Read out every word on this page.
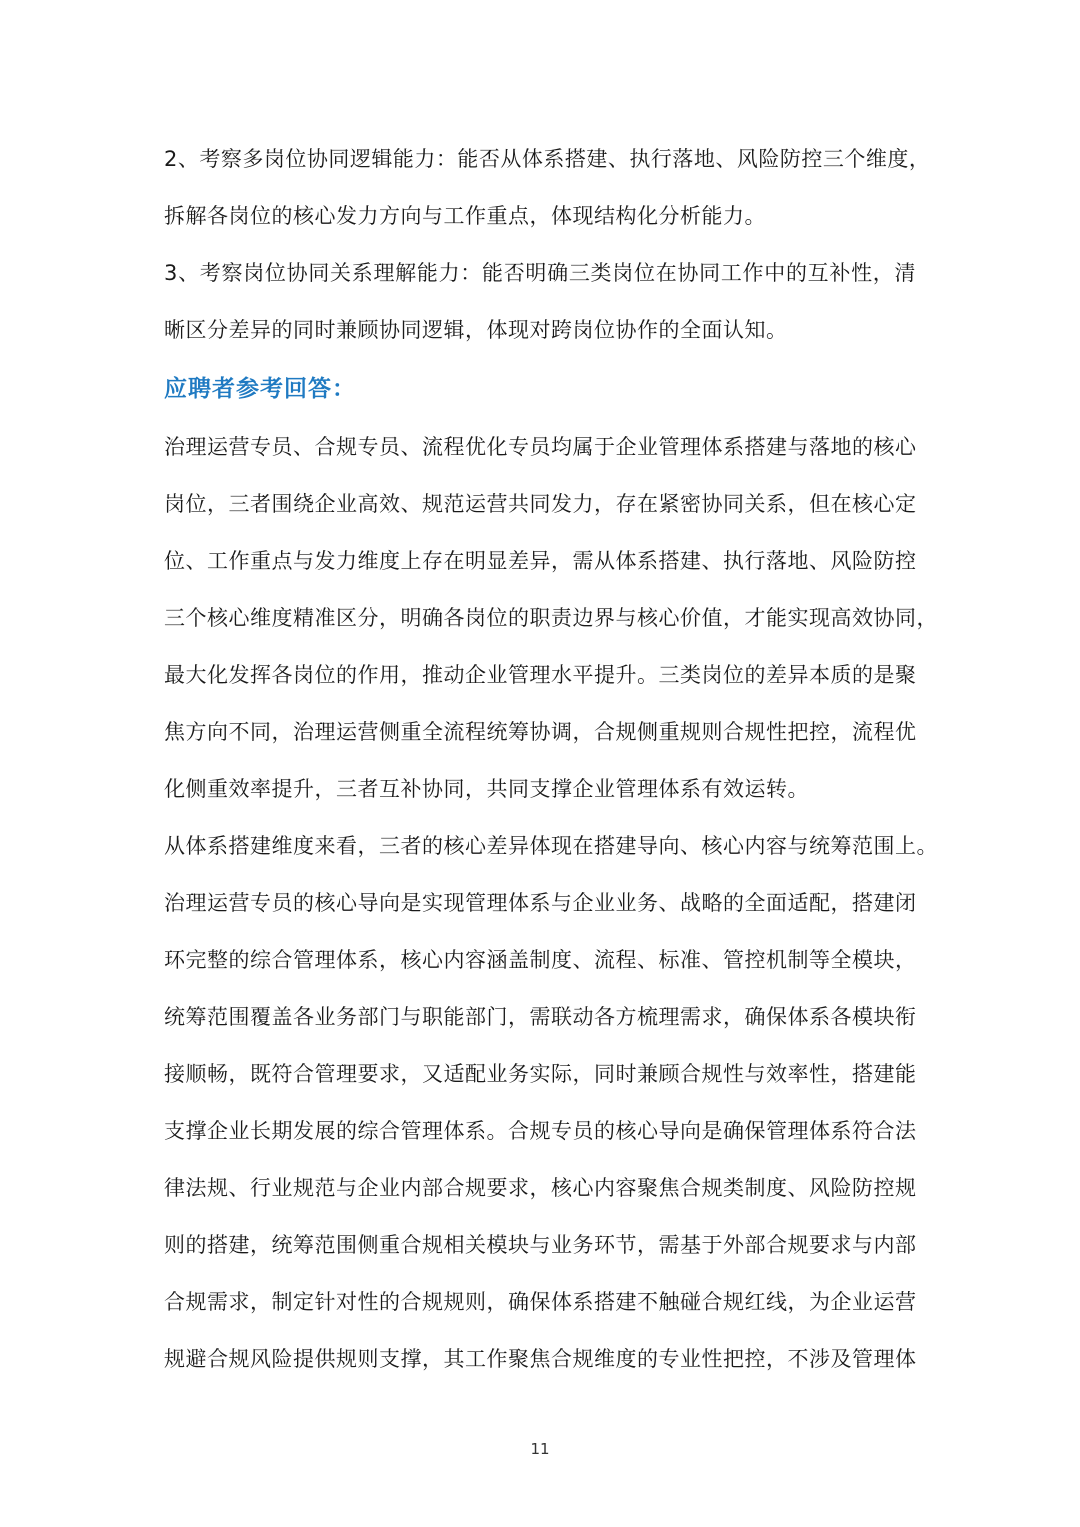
2、考察多岗位协同逻辑能力：能否从体系搭建、执行落地、风险防控三个维度，
拆解各岗位的核心发力方向与工作重点，体现结构化分析能力。
3、考察岗位协同关系理解能力：能否明确三类岗位在协同工作中的互补性，清
晰区分差异的同时兼顾协同逻辑，体现对跨岗位协作的全面认知。
应聘者参考回答：
治理运营专员、合规专员、流程优化专员均属于企业管理体系搭建与落地的核心
岗位，三者围绕企业高效、规范运营共同发力，存在紧密协同关系，但在核心定
位、工作重点与发力维度上存在明显差异，需从体系搭建、执行落地、风险防控
三个核心维度精准区分，明确各岗位的职责边界与核心价值，才能实现高效协同，
最大化发挥各岗位的作用，推动企业管理水平提升。三类岗位的差异本质的是聚
焦方向不同，治理运营侧重全流程统筹协调，合规侧重规则合规性把控，流程优
化侧重效率提升，三者互补协同，共同支撑企业管理体系有效运转。
从体系搭建维度来看，三者的核心差异体现在搭建导向、核心内容与统筹范围上。
治理运营专员的核心导向是实现管理体系与企业业务、战略的全面适配，搭建闭
环完整的综合管理体系，核心内容涵盖制度、流程、标准、管控机制等全模块，
统筹范围覆盖各业务部门与职能部门，需联动各方梳理需求，确保体系各模块衔
接顺畅，既符合管理要求，又适配业务实际，同时兼顾合规性与效率性，搭建能
支撑企业长期发展的综合管理体系。合规专员的核心导向是确保管理体系符合法
律法规、行业规范与企业内部合规要求，核心内容聚焦合规类制度、风险防控规
则的搭建，统筹范围侧重合规相关模块与业务环节，需基于外部合规要求与内部
合规需求，制定针对性的合规规则，确保体系搭建不触碰合规红线，为企业运营
规避合规风险提供规则支撑，其工作聚焦合规维度的专业性把控，不涉及管理体
11
